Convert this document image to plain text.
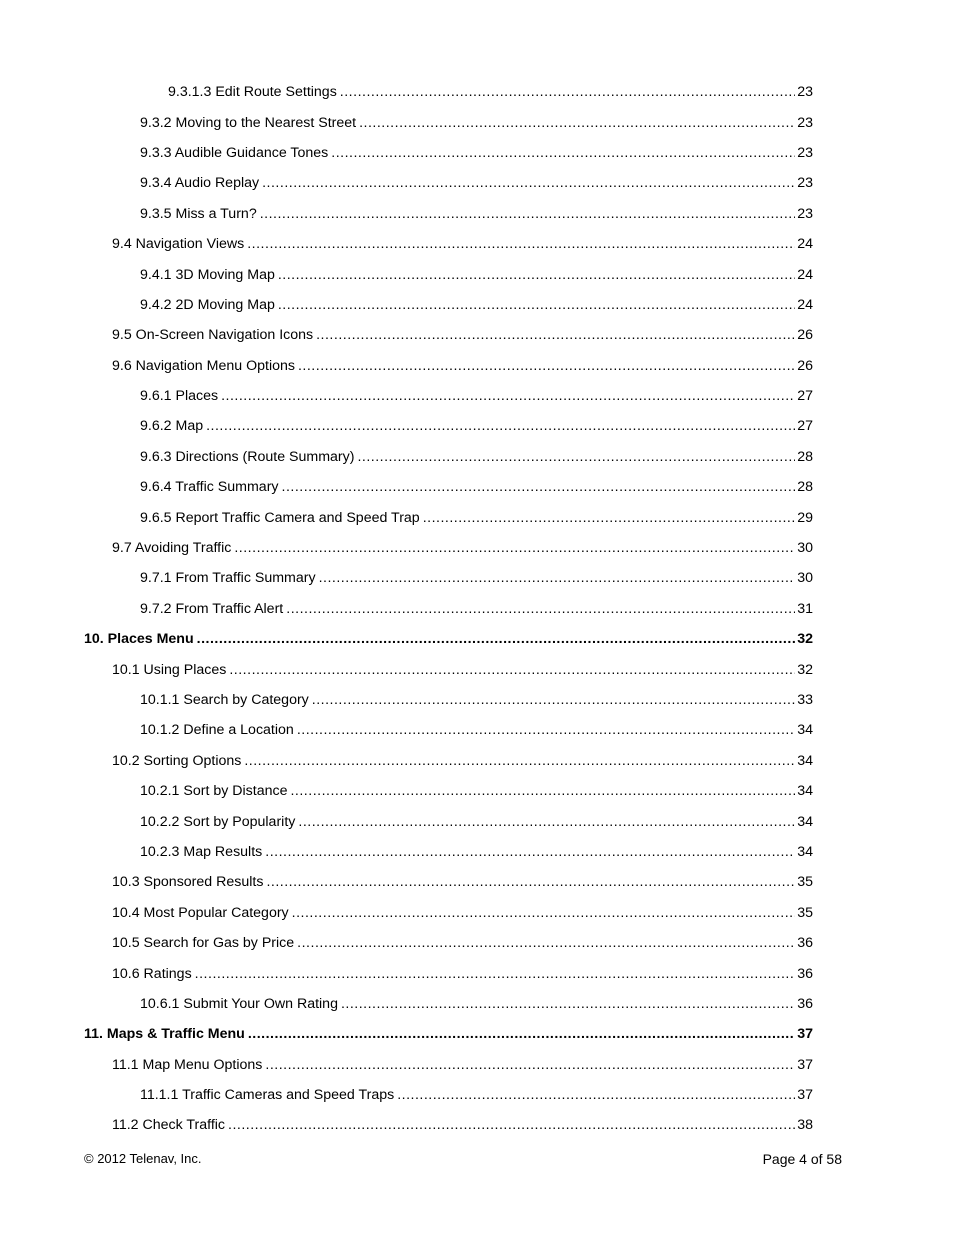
9.3.1.3 Edit Route Settings .....	23
9.3.2 Moving to the Nearest Street .....	23
9.3.3 Audible Guidance Tones .....	23
9.3.4 Audio Replay .....	23
9.3.5 Miss a Turn? .....	23
9.4 Navigation Views .....	24
9.4.1 3D Moving Map .....	24
9.4.2 2D Moving Map .....	24
9.5 On-Screen Navigation Icons .....	26
9.6 Navigation Menu Options .....	26
9.6.1 Places .....	27
9.6.2 Map .....	27
9.6.3 Directions (Route Summary) .....	28
9.6.4 Traffic Summary .....	28
9.6.5 Report Traffic Camera and Speed Trap .....	29
9.7 Avoiding Traffic .....	30
9.7.1 From Traffic Summary .....	30
9.7.2 From Traffic Alert .....	31
10. Places Menu .....	32
10.1 Using Places .....	32
10.1.1 Search by Category .....	33
10.1.2 Define a Location .....	34
10.2 Sorting Options .....	34
10.2.1 Sort by Distance .....	34
10.2.2 Sort by Popularity .....	34
10.2.3 Map Results .....	34
10.3 Sponsored Results .....	35
10.4 Most Popular Category .....	35
10.5 Search for Gas by Price .....	36
10.6 Ratings .....	36
10.6.1 Submit Your Own Rating .....	36
11. Maps & Traffic Menu .....	37
11.1 Map Menu Options .....	37
11.1.1 Traffic Cameras and Speed Traps .....	37
11.2 Check Traffic .....	38
© 2012 Telenav, Inc.	Page 4 of 58
